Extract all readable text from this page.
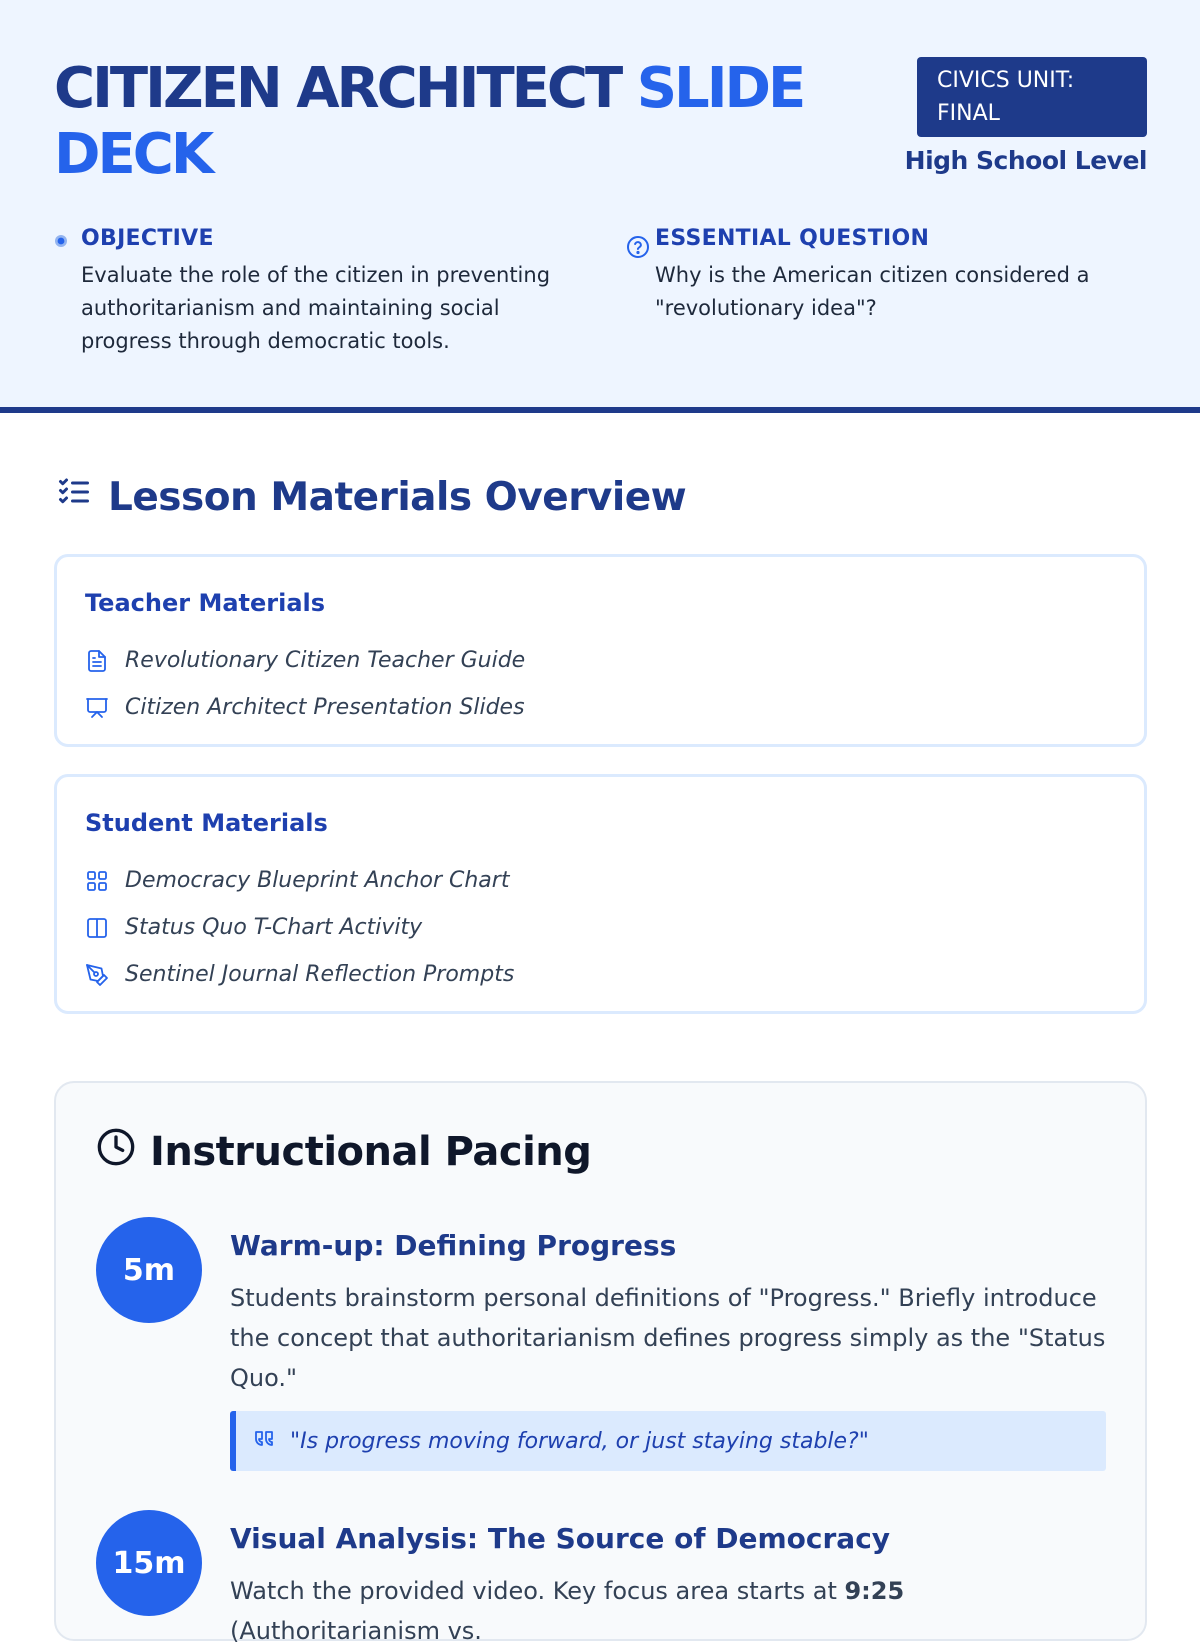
CITIZEN ARCHITECT SLIDE DECK
CIVICS UNIT: FINAL
High School Level
OBJECTIVE
Evaluate the role of the citizen in preventing authoritarianism and maintaining social progress through democratic tools.
ESSENTIAL QUESTION
Why is the American citizen considered a "revolutionary idea"?
Lesson Materials Overview
Teacher Materials
Revolutionary Citizen Teacher Guide
Citizen Architect Presentation Slides
Student Materials
Democracy Blueprint Anchor Chart
Status Quo T-Chart Activity
Sentinel Journal Reflection Prompts
Instructional Pacing
5m
Warm-up: Defining Progress

Students brainstorm personal definitions of "Progress." Briefly introduce the concept that authoritarianism defines progress simply as the "Status Quo."

"Is progress moving forward, or just staying stable?"
15m
Visual Analysis: The Source of Democracy

Watch the provided video. Key focus area starts at 9:25 (Authoritarianism vs.
